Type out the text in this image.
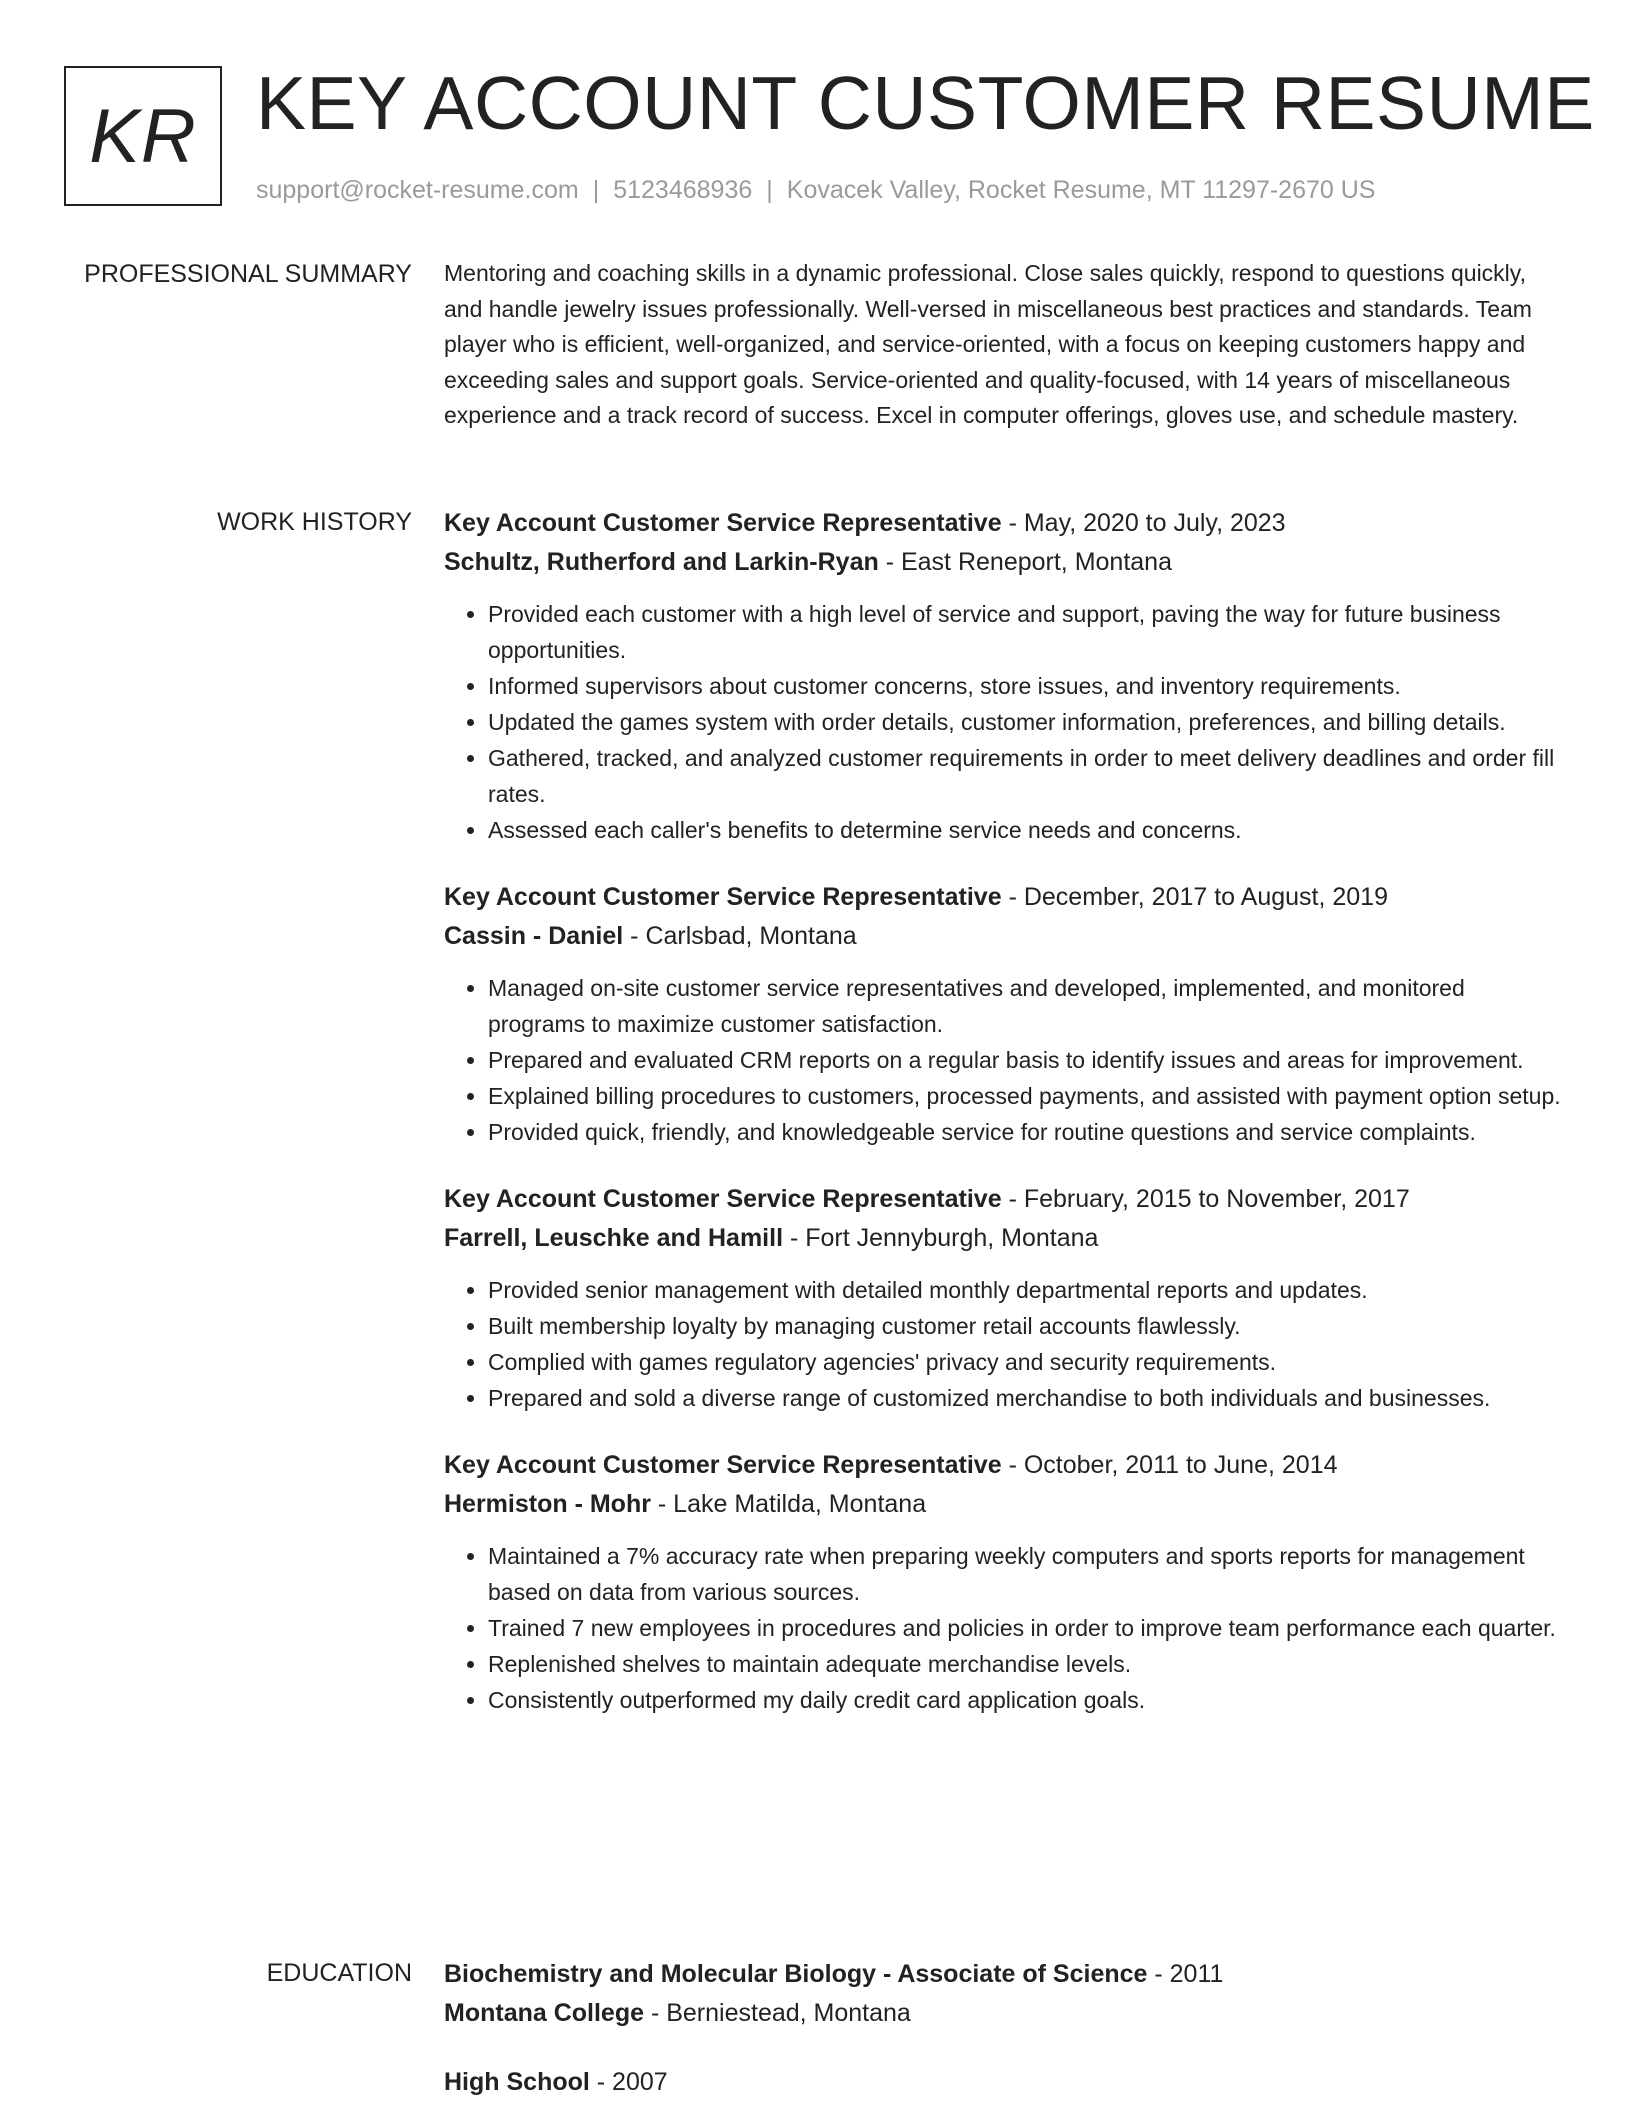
KR KEY ACCOUNT CUSTOMER RESUME
support@rocket-resume.com | 5123468936 | Kovacek Valley, Rocket Resume, MT 11297-2670 US
PROFESSIONAL SUMMARY Mentoring and coaching skills in a dynamic professional. Close sales quickly, respond to questions quickly, and handle jewelry issues professionally. Well-versed in miscellaneous best practices and standards. Team player who is efficient, well-organized, and service-oriented, with a focus on keeping customers happy and exceeding sales and support goals. Service-oriented and quality-focused, with 14 years of miscellaneous experience and a track record of success. Excel in computer offerings, gloves use, and schedule mastery.

WORK HISTORY Key Account Customer Service Representative - May, 2020 to July, 2023
Schultz, Rutherford and Larkin-Ryan - East Reneport, Montana
• Provided each customer with a high level of service and support, paving the way for future business opportunities.
• Informed supervisors about customer concerns, store issues, and inventory requirements.
• Updated the games system with order details, customer information, preferences, and billing details.
• Gathered, tracked, and analyzed customer requirements in order to meet delivery deadlines and order fill rates.
• Assessed each caller's benefits to determine service needs and concerns.
Key Account Customer Service Representative - December, 2017 to August, 2019
Cassin - Daniel - Carlsbad, Montana
• Managed on-site customer service representatives and developed, implemented, and monitored programs to maximize customer satisfaction.
• Prepared and evaluated CRM reports on a regular basis to identify issues and areas for improvement.
• Explained billing procedures to customers, processed payments, and assisted with payment option setup.
• Provided quick, friendly, and knowledgeable service for routine questions and service complaints.
Key Account Customer Service Representative - February, 2015 to November, 2017
Farrell, Leuschke and Hamill - Fort Jennyburgh, Montana
• Provided senior management with detailed monthly departmental reports and updates.
• Built membership loyalty by managing customer retail accounts flawlessly.
• Complied with games regulatory agencies' privacy and security requirements.
• Prepared and sold a diverse range of customized merchandise to both individuals and businesses.
Key Account Customer Service Representative - October, 2011 to June, 2014
Hermiston - Mohr - Lake Matilda, Montana
• Maintained a 7% accuracy rate when preparing weekly computers and sports reports for management based on data from various sources.
• Trained 7 new employees in procedures and policies in order to improve team performance each quarter.
• Replenished shelves to maintain adequate merchandise levels.
• Consistently outperformed my daily credit card application goals.
EDUCATION Biochemistry and Molecular Biology - Associate of Science - 2011
Montana College - Berniestead, Montana
High School - 2007
